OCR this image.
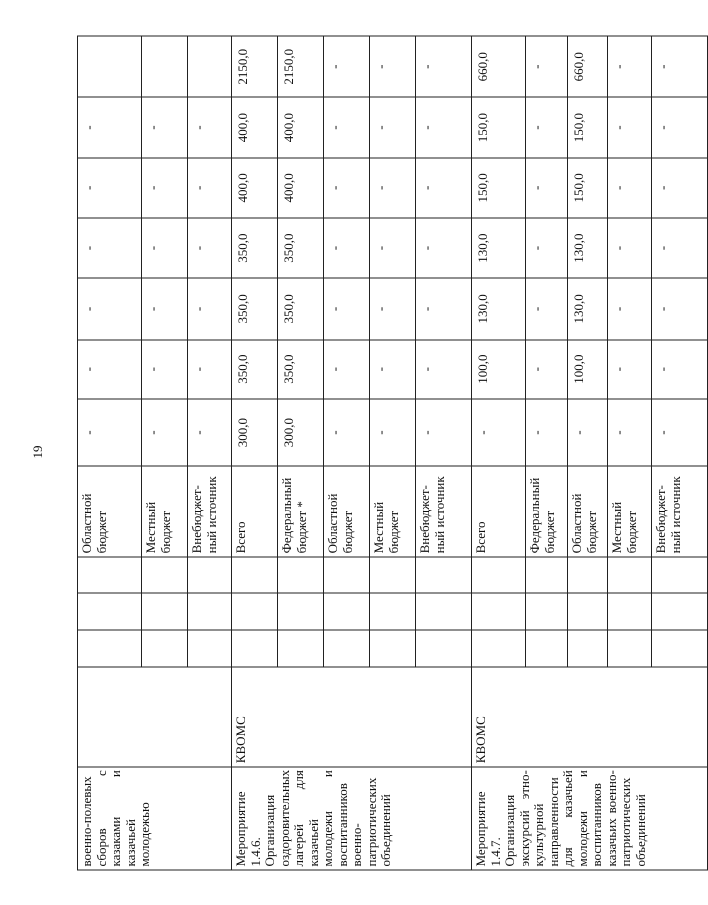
19
военно-полевых сборов с казаками и казачьей молодежью					Областной бюджет	-	-	-	-	-	-	
					Местный бюджет	-	-	-	-	-	-	
					Внебюджет-ный источник	-	-	-	-	-	-	
Мероприятие 1.4.6. Организация оздоровительных лагерей для казачьей молодежи и воспитанников военно-патриотических объединений	КВОМС				Всего	300,0	350,0	350,0	350,0	400,0	400,0	2150,0
					Федеральный бюджет *	300,0	350,0	350,0	350,0	400,0	400,0	2150,0
					Областной бюджет	-	-	-	-	-	-	-
					Местный бюджет	-	-	-	-	-	-	-
					Внебюджет-ный источник	-	-	-	-	-	-	-
Мероприятие 1.4.7. Организация экскурсий этно-культурной направленности для казачьей молодежи и воспитанников казачьих военно-патриотических объединений	КВОМС				Всего	-	100,0	130,0	130,0	150,0	150,0	660,0
					Федеральный бюджет	-	-	-	-	-	-	-
					Областной бюджет	-	100,0	130,0	130,0	150,0	150,0	660,0
					Местный бюджет	-	-	-	-	-	-	-
					Внебюджет-ный источник	-	-	-	-	-	-	-
